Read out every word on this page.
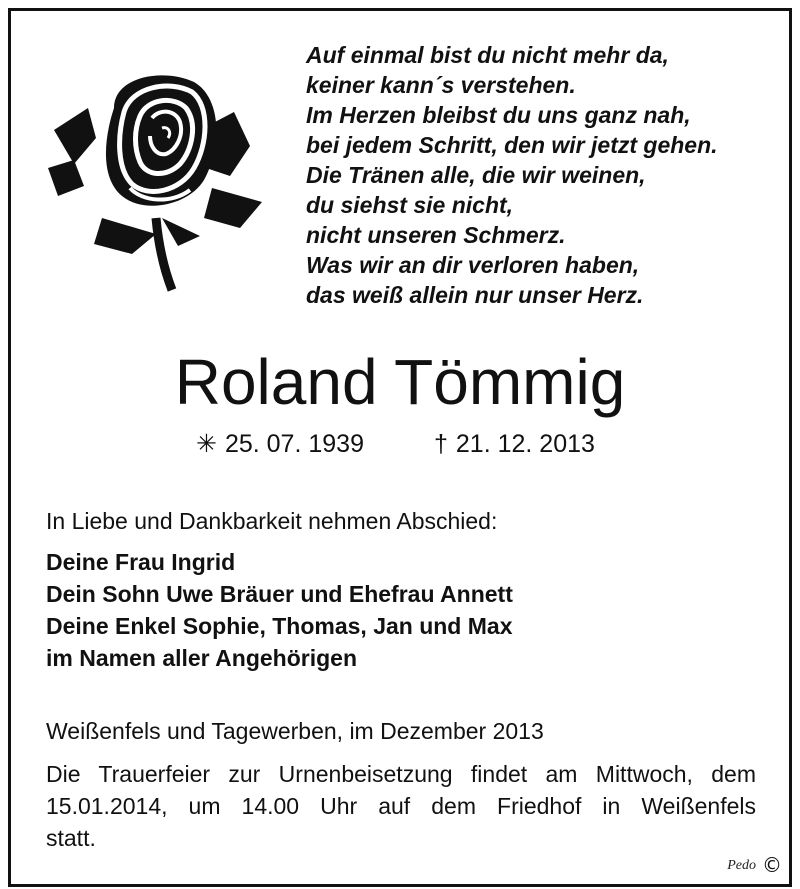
Auf einmal bist du nicht mehr da,
keiner kann´s verstehen.
Im Herzen bleibst du uns ganz nah,
bei jedem Schritt, den wir jetzt gehen.
Die Tränen alle, die wir weinen,
du siehst sie nicht,
nicht unseren Schmerz.
Was wir an dir verloren haben,
das weiß allein nur unser Herz.
Roland Tömmig
✳ 25. 07. 1939	† 21. 12. 2013
In Liebe und Dankbarkeit nehmen Abschied:
Deine Frau Ingrid
Dein Sohn Uwe Bräuer und Ehefrau Annett
Deine Enkel Sophie, Thomas, Jan und Max
im Namen aller Angehörigen
Weißenfels und Tagewerben, im Dezember 2013
Die Trauerfeier zur Urnenbeisetzung findet am Mittwoch, dem
15.01.2014, um 14.00 Uhr auf dem Friedhof in Weißenfels
statt.
Pedo ©
